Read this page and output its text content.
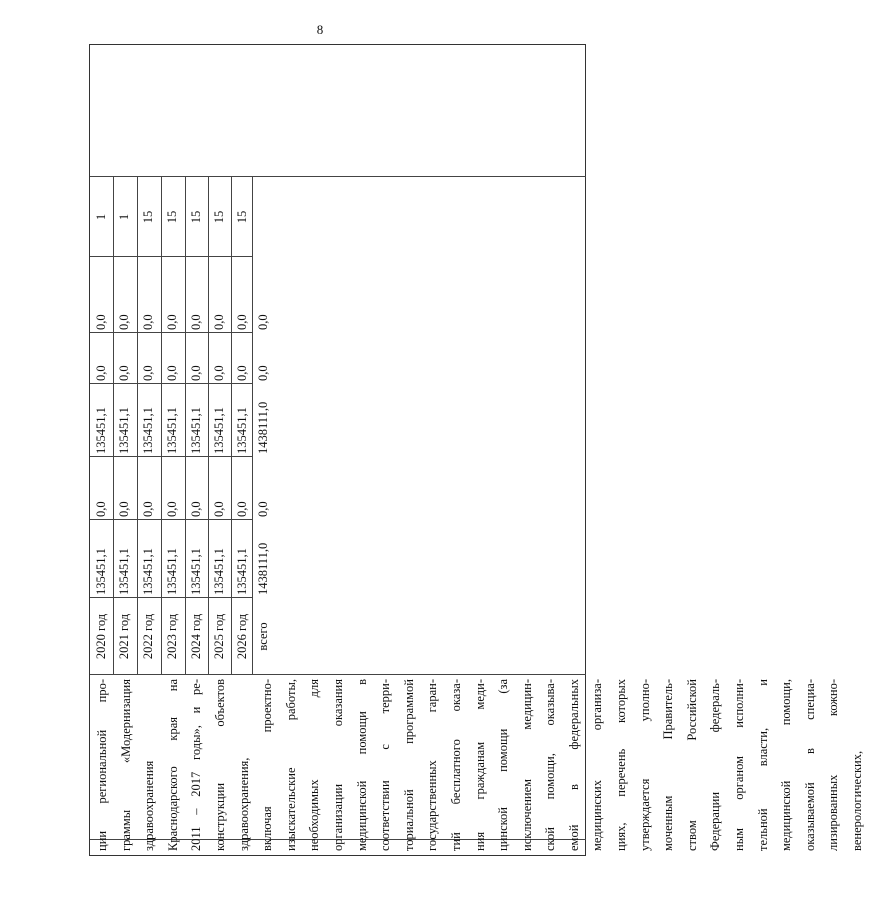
8
2020 год
135451,1
0,0
135451,1
0,0
0,0
1
2021 год
135451,1
0,0
135451,1
0,0
0,0
1
2022 год
135451,1
0,0
135451,1
0,0
0,0
15
2023 год
135451,1
0,0
135451,1
0,0
0,0
15
2024 год
135451,1
0,0
135451,1
0,0
0,0
15
2025 год
135451,1
0,0
135451,1
0,0
0,0
15
2026 год
135451,1
0,0
135451,1
0,0
0,0
15
всего
1438111,0
0,0
1438111,0
0,0
0,0
ции региональной про- граммы «Модернизация здравоохранения Краснодарского края на 2011 – 2017 годы», и ре- конструкции объектов здравоохранения, включая проектно- изыскательские работы, необходимых для организации оказания медицинской помощи в соответствии с терри- ториальной программой государственных гаран- тий бесплатного оказа- ния гражданам меди- цинской помощи (за исключением медицин- ской помощи, оказыва- емой в федеральных медицинских организа- циях, перечень которых утверждается уполно- моченным Правитель- ством Российской Федерации федераль- ным органом исполни- тельной власти, и медицинской помощи, оказываемой в специа- лизированных кожно- венерологических,
